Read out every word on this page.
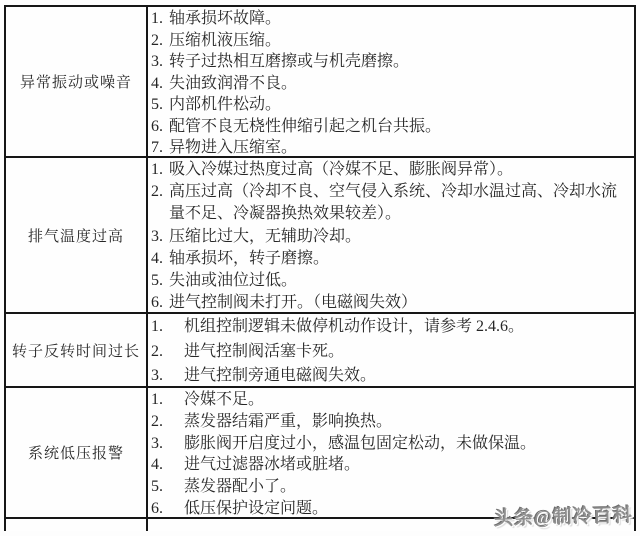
异常振动或噪音
1. 轴承损坏故障。
2. 压缩机液压缩。
3. 转子过热相互磨擦或与机壳磨擦。
4. 失油致润滑不良。
5. 内部机件松动。
6. 配管不良无桡性伸缩引起之机台共振。
7. 异物进入压缩室。
排气温度过高
1. 吸入冷媒过热度过高（冷媒不足、膨胀阀异常）。
2. 高压过高（冷却不良、空气侵入系统、冷却水温过高、冷却水流量不足、冷凝器换热效果较差）。
3. 压缩比过大，无辅助冷却。
4. 轴承损坏，转子磨擦。
5. 失油或油位过低。
6. 进气控制阀未打开。（电磁阀失效）
转子反转时间过长
1.	机组控制逻辑未做停机动作设计，请参考 2.4.6。
2.	进气控制阀活塞卡死。
3.	进气控制旁通电磁阀失效。
系统低压报警
1.	冷媒不足。
2.	蒸发器结霜严重，影响换热。
3.	膨胀阀开启度过小，感温包固定松动，未做保温。
4.	进气过滤器冰堵或脏堵。
5.	蒸发器配小了。
6.	低压保护设定问题。	头条@制冷百科
